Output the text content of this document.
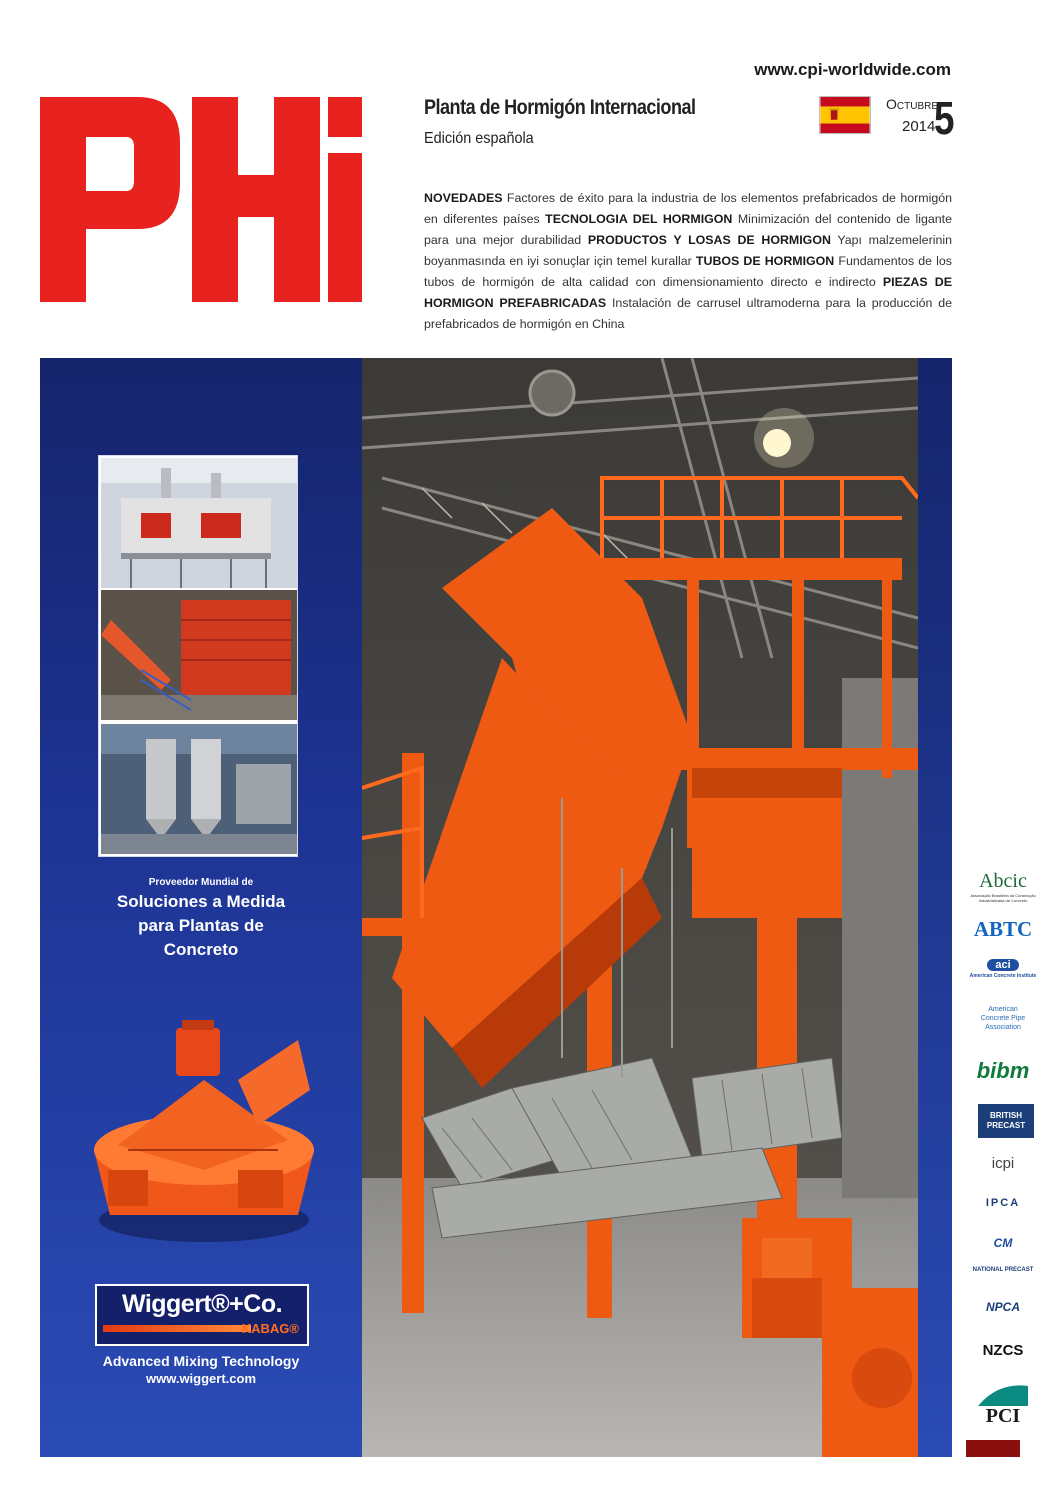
www.cpi-worldwide.com
Planta de Hormigón Internacional
Edición española
Octubre
2014
5
NOVEDADES Factores de éxito para la industria de los elementos prefabricados de hormigón en diferentes países TECNOLOGIA DEL HORMIGON Minimización del contenido de ligante para una mejor durabilidad PRODUCTOS Y LOSAS DE HORMIGON Yapı malzemelerinin boyanmasında en iyi sonuçlar için temel kurallar TUBOS DE HORMIGON Fundamentos de los tubos de hormigón de alta calidad con dimensionamiento directo e indirecto PIEZAS DE HORMIGON PREFABRICADAS Instalación de carrusel ultramoderna para la producción de prefabricados de hormigón en China
Proveedor Mundial de
Soluciones a Medida
para Plantas de
Concreto
Wiggert®+Co.
KABAG®
Advanced Mixing Technology
www.wiggert.com
Abcic
Associação Brasileira da Construção Industrializada de Concreto
ABTC
aci
American Concrete Institute
American Concrete Pipe Association
bibm
BRITISH PRECAST
icpi
IPCA
CM
NATIONAL PRECAST
NPCA
NZCS
PCI
